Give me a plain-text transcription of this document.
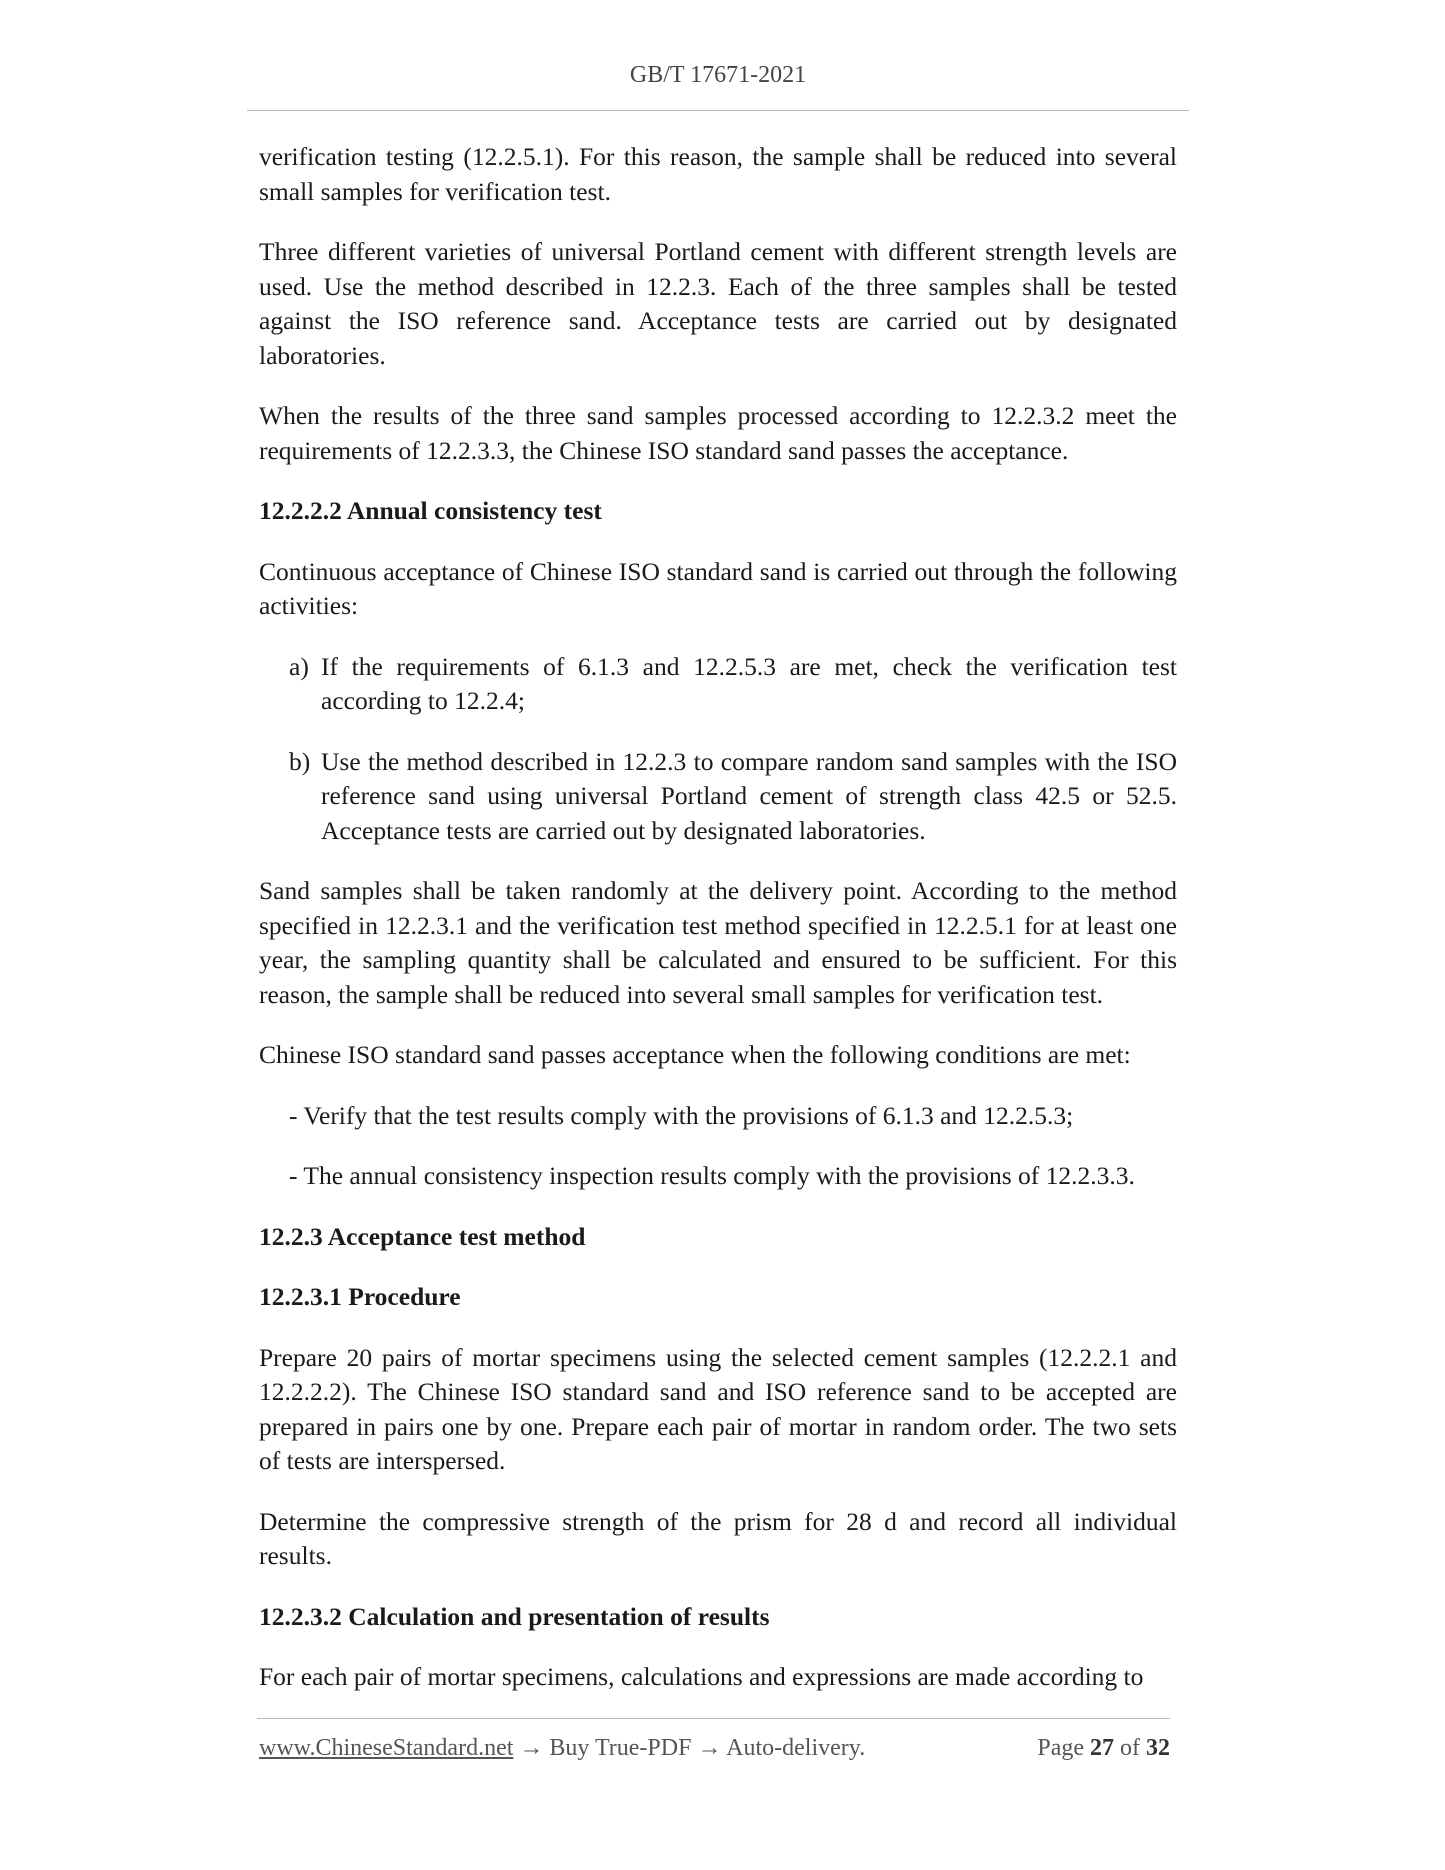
GB/T 17671-2021

verification testing (12.2.5.1). For this reason, the sample shall be reduced into several small samples for verification test.

Three different varieties of universal Portland cement with different strength levels are used. Use the method described in 12.2.3. Each of the three samples shall be tested against the ISO reference sand. Acceptance tests are carried out by designated laboratories.

When the results of the three sand samples processed according to 12.2.3.2 meet the requirements of 12.2.3.3, the Chinese ISO standard sand passes the acceptance.

12.2.2.2 Annual consistency test

Continuous acceptance of Chinese ISO standard sand is carried out through the following activities:

a) If the requirements of 6.1.3 and 12.2.5.3 are met, check the verification test according to 12.2.4;
b) Use the method described in 12.2.3 to compare random sand samples with the ISO reference sand using universal Portland cement of strength class 42.5 or 52.5. Acceptance tests are carried out by designated laboratories.

Sand samples shall be taken randomly at the delivery point. According to the method specified in 12.2.3.1 and the verification test method specified in 12.2.5.1 for at least one year, the sampling quantity shall be calculated and ensured to be sufficient. For this reason, the sample shall be reduced into several small samples for verification test.

Chinese ISO standard sand passes acceptance when the following conditions are met:

- Verify that the test results comply with the provisions of 6.1.3 and 12.2.5.3;
- The annual consistency inspection results comply with the provisions of 12.2.3.3.
12.2.3 Acceptance test method
12.2.3.1 Procedure

Prepare 20 pairs of mortar specimens using the selected cement samples (12.2.2.1 and 12.2.2.2). The Chinese ISO standard sand and ISO reference sand to be accepted are prepared in pairs one by one. Prepare each pair of mortar in random order. The two sets of tests are interspersed.

Determine the compressive strength of the prism for 28 d and record all individual results.

12.2.3.2 Calculation and presentation of results

For each pair of mortar specimens, calculations and expressions are made according to

www.ChineseStandard.net → Buy True-PDF → Auto-delivery.	Page 27 of 32
